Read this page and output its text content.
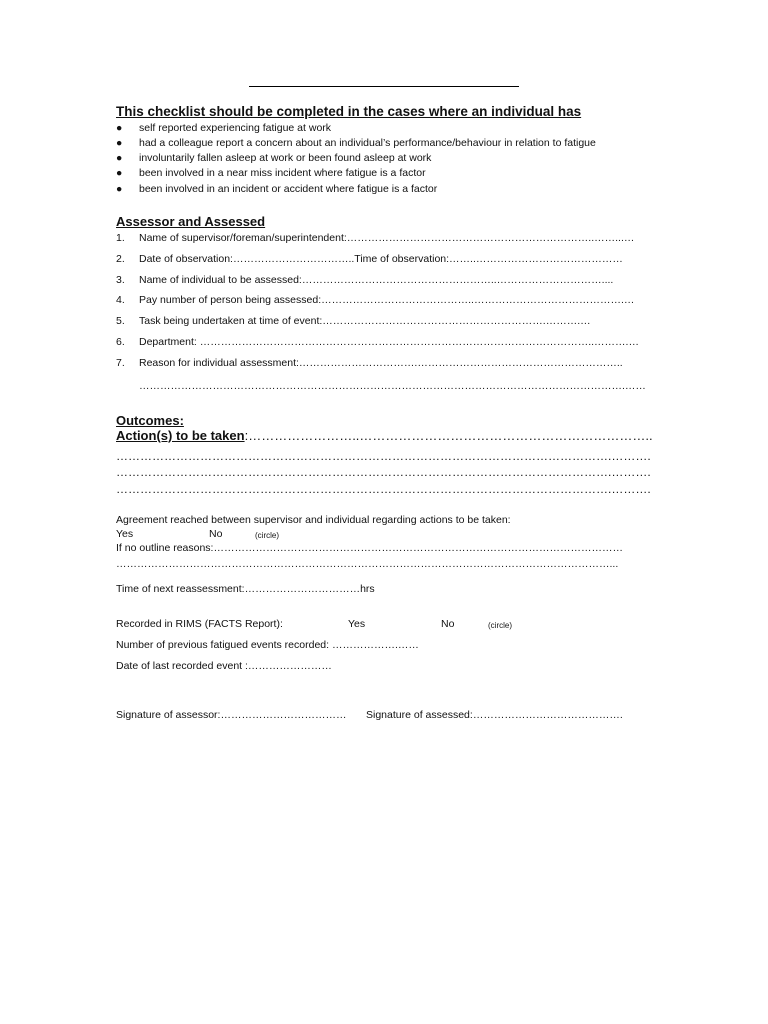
This checklist should be completed in the cases where an individual has
● self reported experiencing fatigue at work
● had a colleague report a concern about an individual’s performance/behaviour in relation to fatigue
● involuntarily fallen asleep at work or been found asleep at work
● been involved in a near miss incident where fatigue is a factor
● been involved in an incident or accident where fatigue is a factor
Assessor and Assessed
1. Name of supervisor/foreman/superintendent:……………………………………………………………..……...…
2. Date of observation:……………………………..Time of observation:……..……………………………………
3. Name of individual to be assessed:………………………………………………..…………………………....
4. Pay number of person being assessed:……………………………………..…………………………………….…
5. Task being undertaken at time of event:……………………………………………………….……….…
6. Department: …………………………………………………………………………………………………..……….…
7. Reason for individual assessment:…………………………….…………………………………………………..
………………………………………………………………………………………………………………………….……
Outcomes:
Action(s) to be taken:……………………..…………………………………………………………..
…………………………………………………………………………………………………………….……….
…………………………………………………………………………………………………………….……….
…………………………………………………………………………………………………………….……….
Agreement reached between supervisor and individual regarding actions to be taken:
Yes	No	(circle)
If no outline reasons:………………………………………………………………………………………………………
……………………………………………………………………………………………………………………………...
Time of next reassessment:……………………………hrs
Recorded in RIMS (FACTS Report):	Yes	No	(circle)
Number of previous fatigued events recorded: ……………….……
Date of last recorded event :……………………
Signature of assessor:……………………………… Signature of assessed:…………………………………….
